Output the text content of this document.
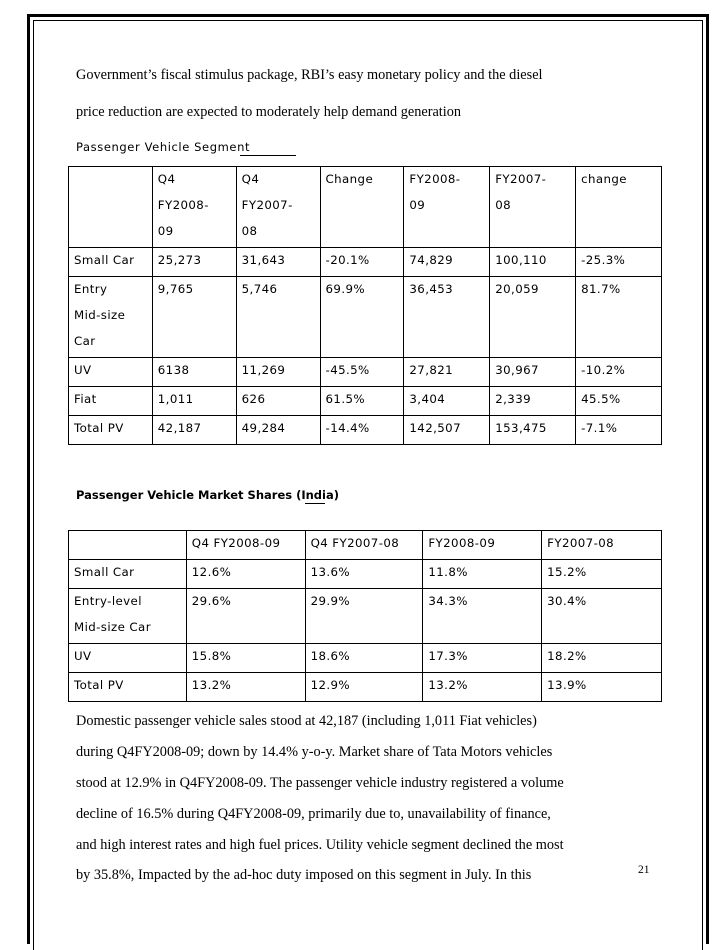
Government’s fiscal stimulus package, RBI’s easy monetary policy and the diesel
price reduction are expected to moderately help demand generation
Passenger Vehicle Segment

	Q4
FY2008-
09	Q4
FY2007-
08	Change	FY2008-
09	FY2007-
08	change

Small Car	25,273	31,643	-20.1%	74,829	100,110	-25.3%

Entry
Mid-size
Car	9,765	5,746	69.9%	36,453	20,059	81.7%

UV	6138	11,269	-45.5%	27,821	30,967	-10.2%

Fiat	1,011	626	61.5%	3,404	2,339	45.5%

Total PV	42,187	49,284	-14.4%	142,507	153,475	-7.1%
Passenger Vehicle Market Shares (India)

	Q4 FY2008-09	Q4 FY2007-08	FY2008-09	FY2007-08

Small Car	12.6%	13.6%	11.8%	15.2%

Entry-level
Mid-size Car	29.6%	29.9%	34.3%	30.4%

UV	15.8%	18.6%	17.3%	18.2%

Total PV	13.2%	12.9%	13.2%	13.9%
Domestic passenger vehicle sales stood at 42,187 (including 1,011 Fiat vehicles)
during Q4FY2008-09; down by 14.4% y-o-y. Market share of Tata Motors vehicles
stood at 12.9% in Q4FY2008-09. The passenger vehicle industry registered a volume
decline of 16.5% during Q4FY2008-09, primarily due to, unavailability of finance,
and high interest rates and high fuel prices. Utility vehicle segment declined the most
by 35.8%, Impacted by the ad-hoc duty imposed on this segment in July. In this	21
